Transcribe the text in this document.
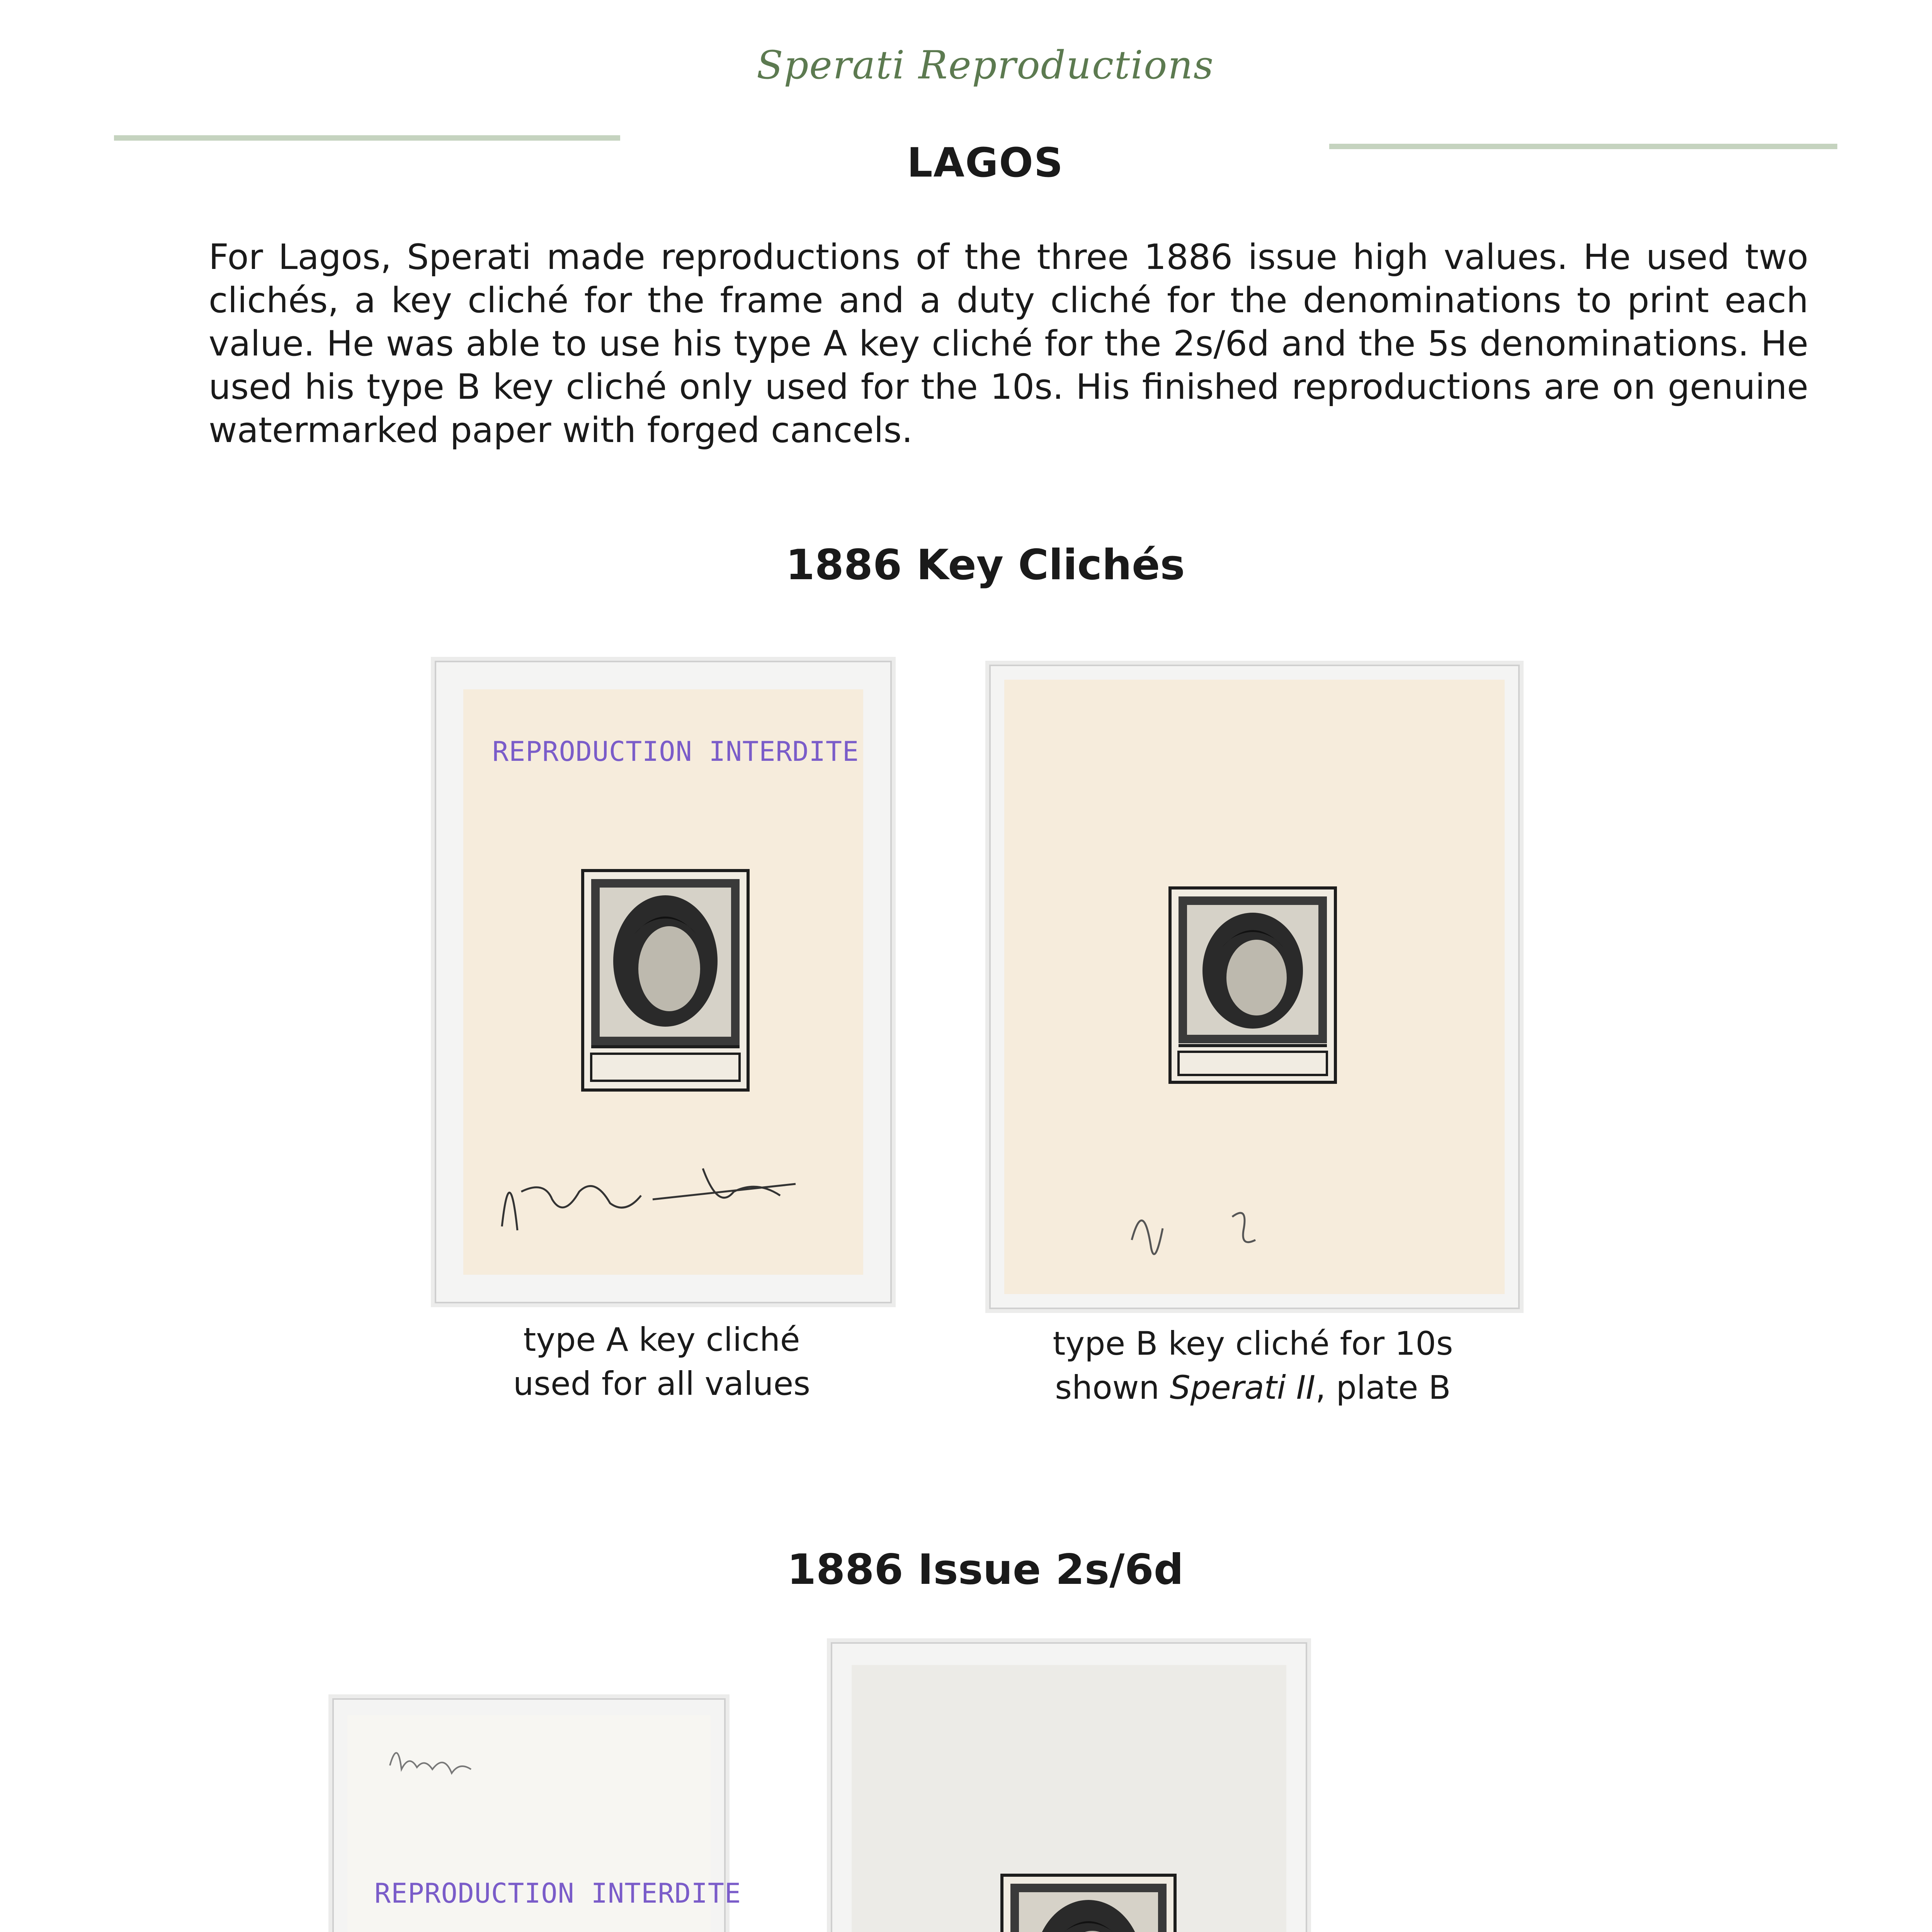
Sperati Reproductions
LAGOS
For Lagos, Sperati made reproductions of the three 1886 issue high values. He used two clichés, a key cliché for the frame and a duty cliché for the denominations to print each value. He was able to use his type A key cliché for the 2s/6d and the 5s denominations. He used his type B key cliché only used for the 10s. His finished reproductions are on genuine watermarked paper with forged cancels.
1886 Key Clichés
REPRODUCTION INTERDITE
type A key cliché
used for all values
type B key cliché for 10s
shown Sperati II, plate B
1886 Issue 2s/6d
REPRODUCTION INTERDITE
